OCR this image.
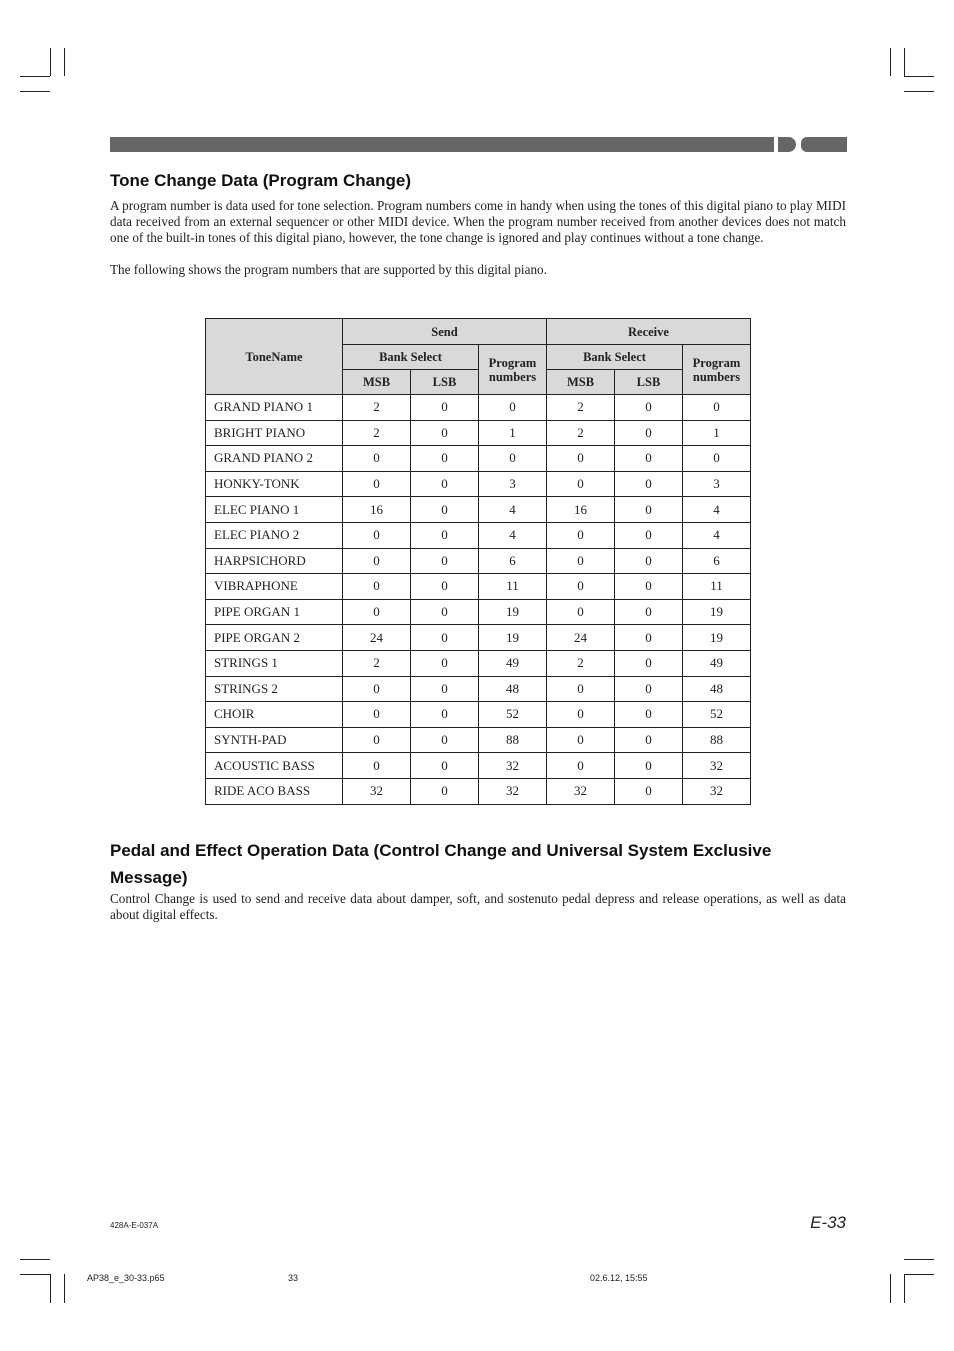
Tone Change Data (Program Change)
A program number is data used for tone selection. Program numbers come in handy when using the tones of this digital piano to play MIDI data received from an external sequencer or other MIDI device. When the program number received from another devices does not match one of the built-in tones of this digital piano, however, the tone change is ignored and play continues without a tone change.
The following shows the program numbers that are supported by this digital piano.
ToneName	Send			Receive		
	Bank Select		Program numbers	Bank Select		Program numbers
	MSB	LSB		MSB	LSB	
GRAND PIANO 1	2	0	0	2	0	0
BRIGHT PIANO	2	0	1	2	0	1
GRAND PIANO 2	0	0	0	0	0	0
HONKY-TONK	0	0	3	0	0	3
ELEC PIANO 1	16	0	4	16	0	4
ELEC PIANO 2	0	0	4	0	0	4
HARPSICHORD	0	0	6	0	0	6
VIBRAPHONE	0	0	11	0	0	11
PIPE ORGAN 1	0	0	19	0	0	19
PIPE ORGAN 2	24	0	19	24	0	19
STRINGS 1	2	0	49	2	0	49
STRINGS 2	0	0	48	0	0	48
CHOIR	0	0	52	0	0	52
SYNTH-PAD	0	0	88	0	0	88
ACOUSTIC BASS	0	0	32	0	0	32
RIDE ACO BASS	32	0	32	32	0	32
Pedal and Effect Operation Data (Control Change and Universal System Exclusive Message)
Control Change is used to send and receive data about damper, soft, and sostenuto pedal depress and release operations, as well as data about digital effects.
428A-E-037A	E-33
AP38_e_30-33.p65	33	02.6.12, 15:55
